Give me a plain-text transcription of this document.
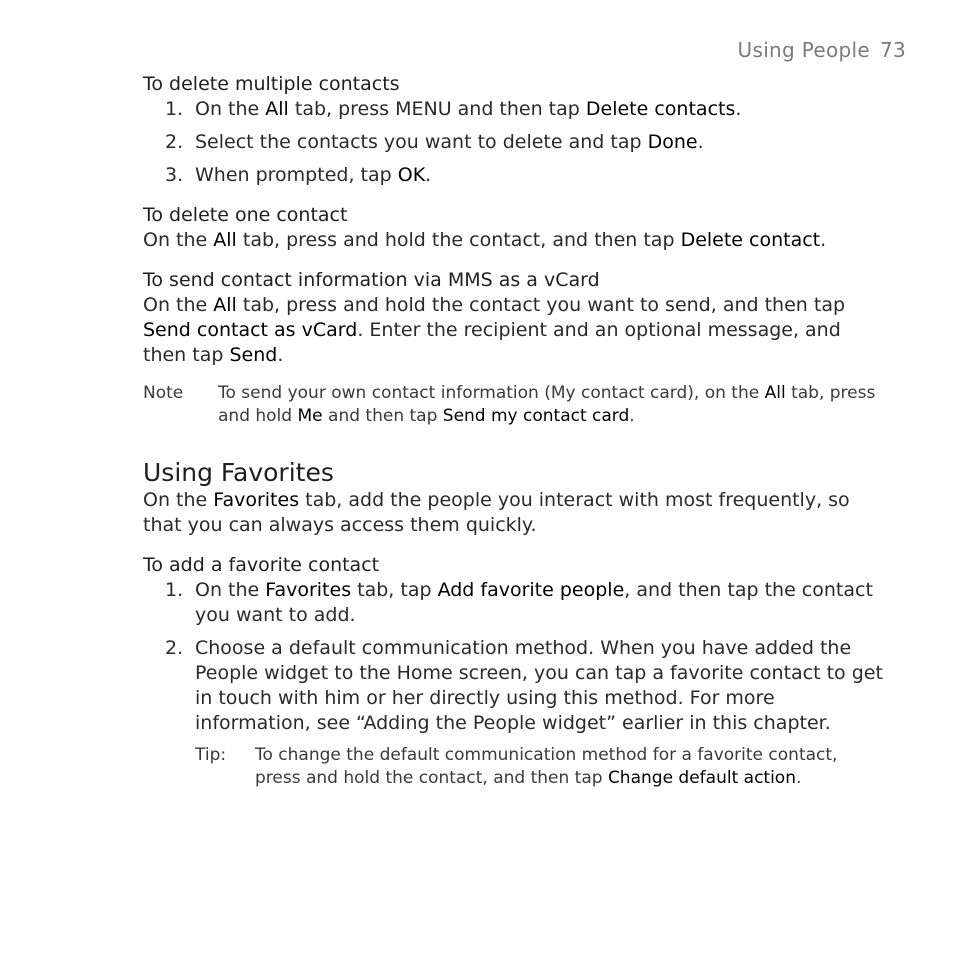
Using People 73
To delete multiple contacts
1. On the All tab, press MENU and then tap Delete contacts.
2. Select the contacts you want to delete and tap Done.
3. When prompted, tap OK.
To delete one contact

On the All tab, press and hold the contact, and then tap Delete contact.

To send contact information via MMS as a vCard

On the All tab, press and hold the contact you want to send, and then tap Send contact as vCard. Enter the recipient and an optional message, and then tap Send.

Note	To send your own contact information (My contact card), on the All tab, press and hold Me and then tap Send my contact card.
Using Favorites

On the Favorites tab, add the people you interact with most frequently, so that you can always access them quickly.

To add a favorite contact
1. On the Favorites tab, tap Add favorite people, and then tap the contact you want to add.
2. Choose a default communication method. When you have added the People widget to the Home screen, you can tap a favorite contact to get in touch with him or her directly using this method. For more information, see “Adding the People widget” earlier in this chapter.
Tip:	To change the default communication method for a favorite contact, press and hold the contact, and then tap Change default action.
